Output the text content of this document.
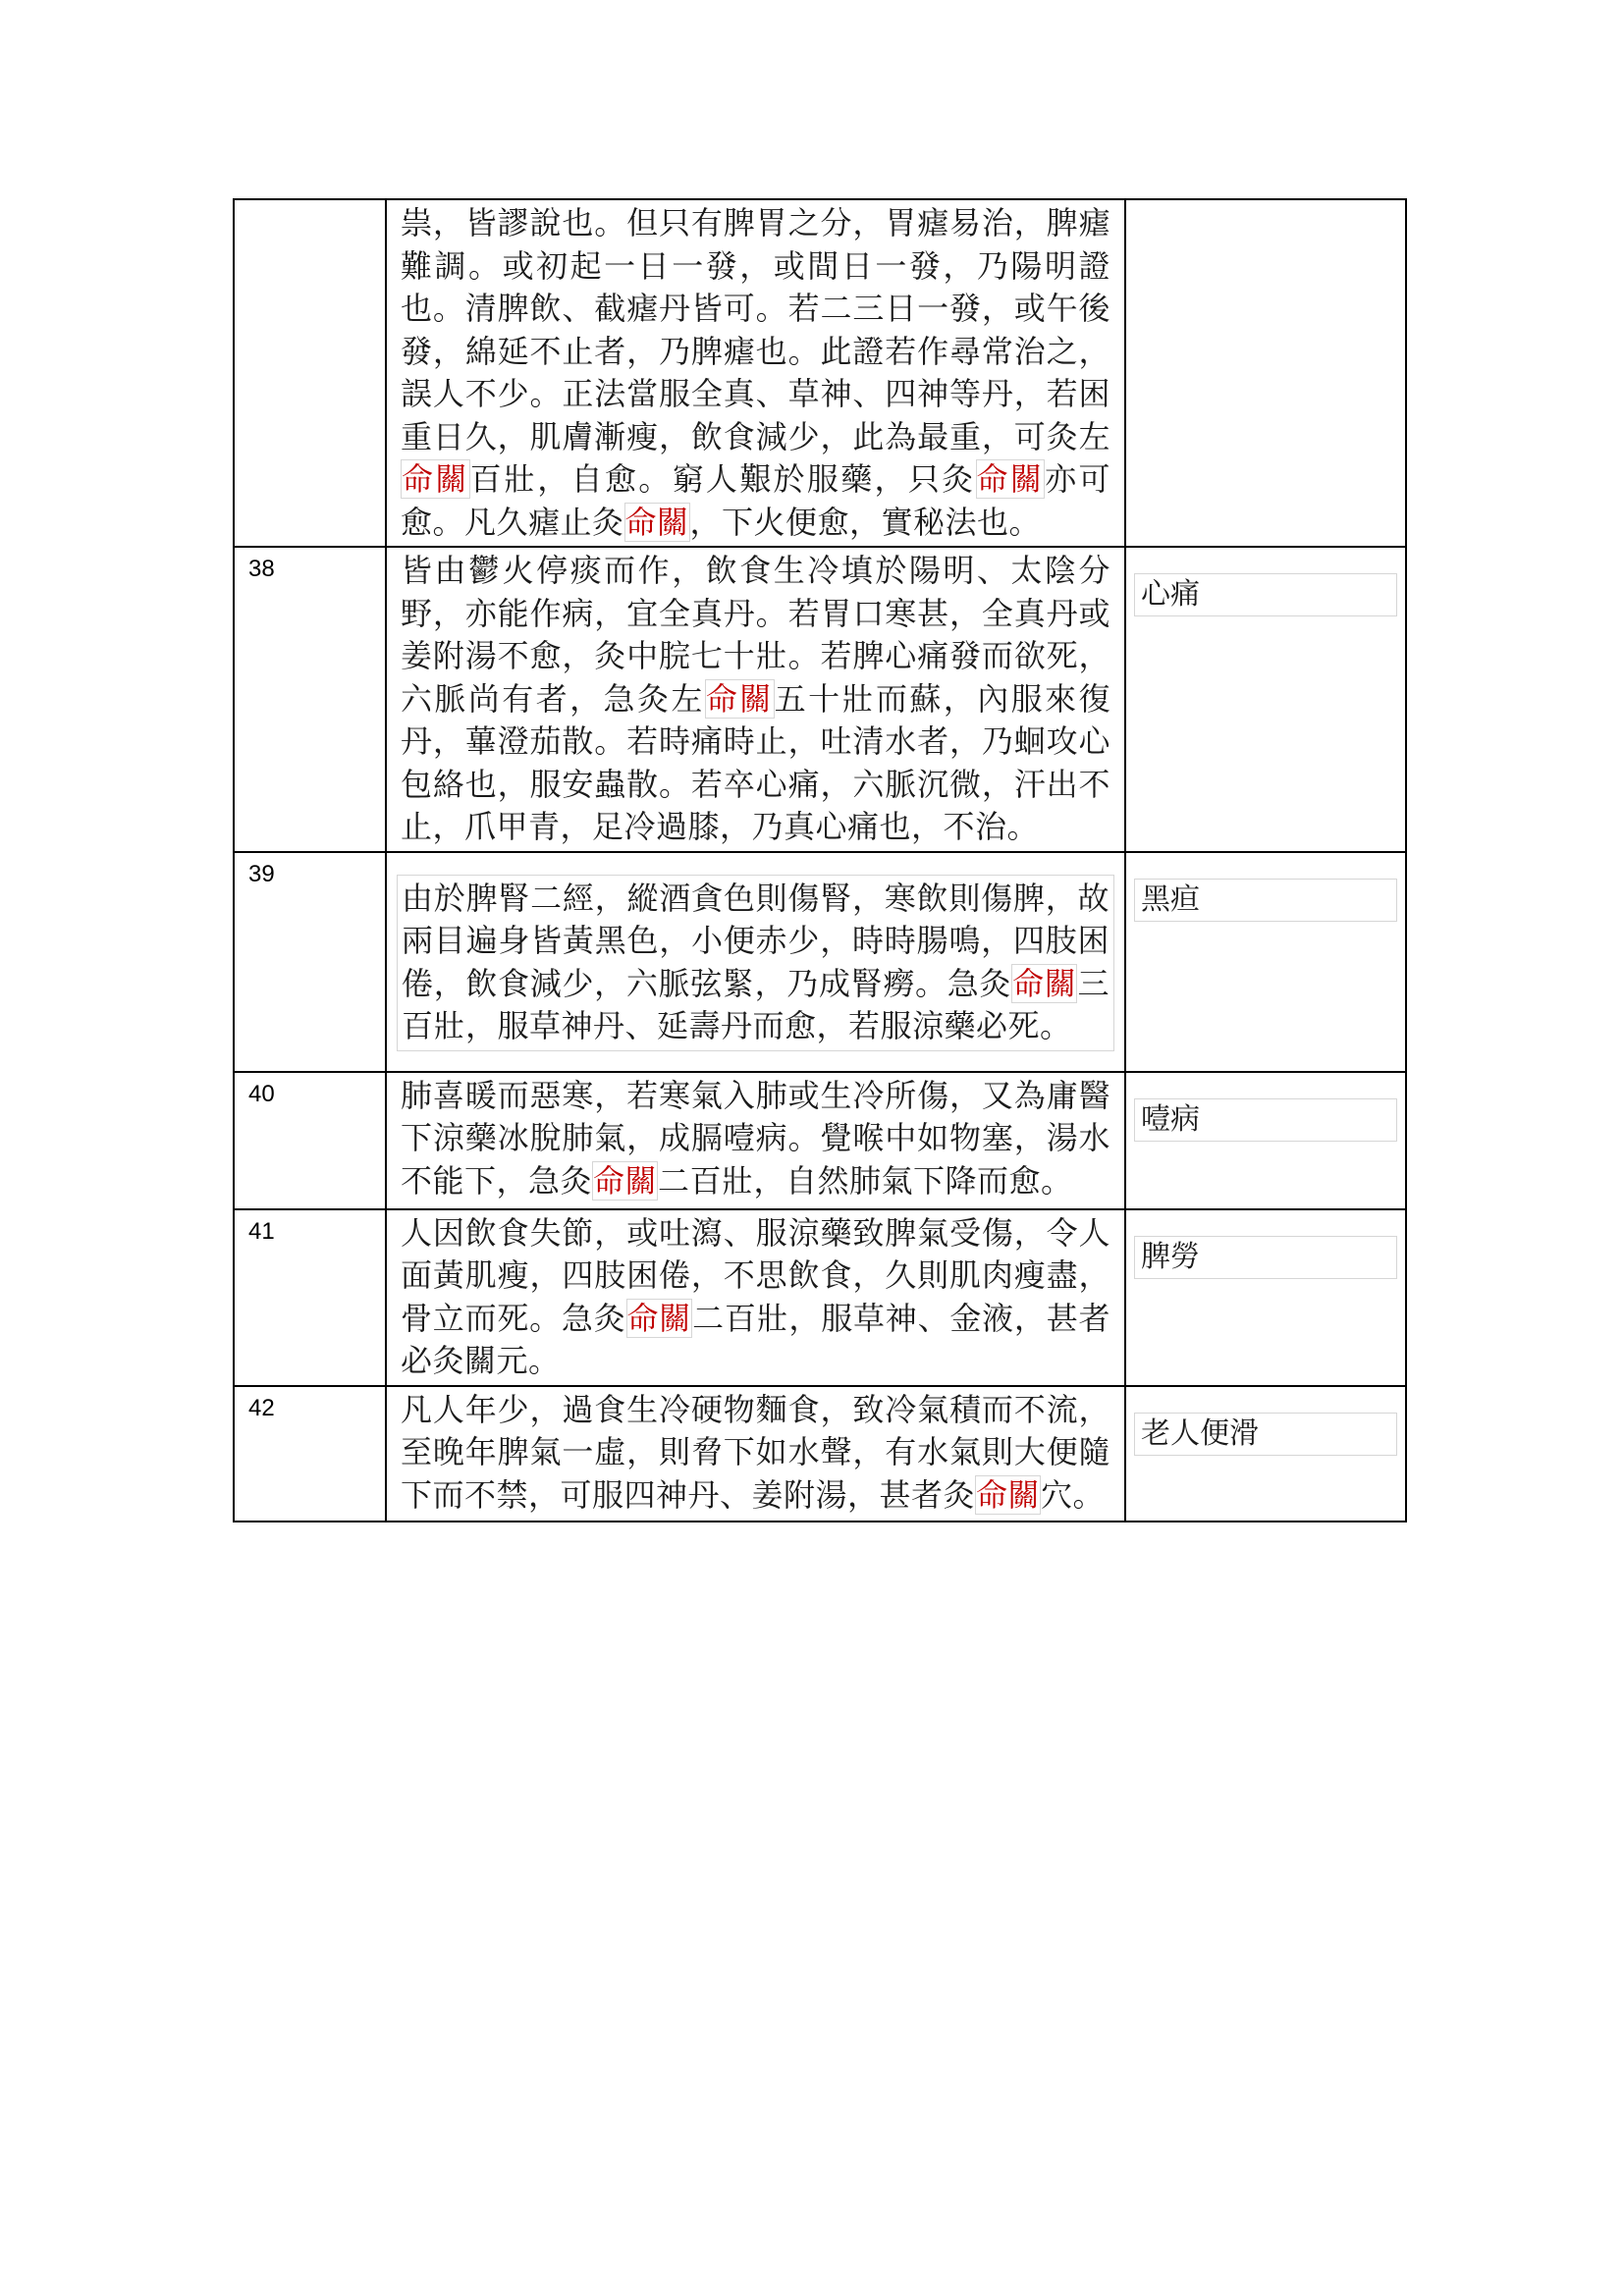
	祟，皆謬說也。但只有脾胃之分，胃瘧易治，脾瘧難調。或初起一日一發，或間日一發，乃陽明證也。清脾飲、截瘧丹皆可。若二三日一發，或午後發，綿延不止者，乃脾瘧也。此證若作尋常治之，誤人不少。正法當服全真、草神、四神等丹，若困重日久，肌膚漸瘦，飲食減少，此為最重，可灸左命關百壯，自愈。窮人艱於服藥，只灸命關亦可愈。凡久瘧止灸命關，下火便愈，實秘法也。	

38	皆由鬱火停痰而作，飲食生冷填於陽明、太陰分野，亦能作病，宜全真丹。若胃口寒甚，全真丹或姜附湯不愈，灸中脘七十壯。若脾心痛發而欲死，六脈尚有者，急灸左命關五十壯而蘇，內服來復丹，蓽澄茄散。若時痛時止，吐清水者，乃蛔攻心包絡也，服安蟲散。若卒心痛，六脈沉微，汗出不止，爪甲青，足冷過膝，乃真心痛也，不治。	心痛

39	由於脾腎二經，縱酒貪色則傷腎，寒飲則傷脾，故兩目遍身皆黃黑色，小便赤少，時時腸鳴，四肢困倦，飲食減少，六脈弦緊，乃成腎癆。急灸命關三百壯，服草神丹、延壽丹而愈，若服涼藥必死。	黑疸

40	肺喜暖而惡寒，若寒氣入肺或生冷所傷，又為庸醫下涼藥冰脫肺氣，成膈噎病。覺喉中如物塞，湯水不能下，急灸命關二百壯，自然肺氣下降而愈。	噎病

41	人因飲食失節，或吐瀉、服涼藥致脾氣受傷，令人面黃肌瘦，四肢困倦，不思飲食，久則肌肉瘦盡，骨立而死。急灸命關二百壯，服草神、金液，甚者必灸關元。	脾勞

42	凡人年少，過食生冷硬物麵食，致冷氣積而不流，至晚年脾氣一虛，則脅下如水聲，有水氣則大便隨下而不禁，可服四神丹、姜附湯，甚者灸命關穴。	老人便滑
